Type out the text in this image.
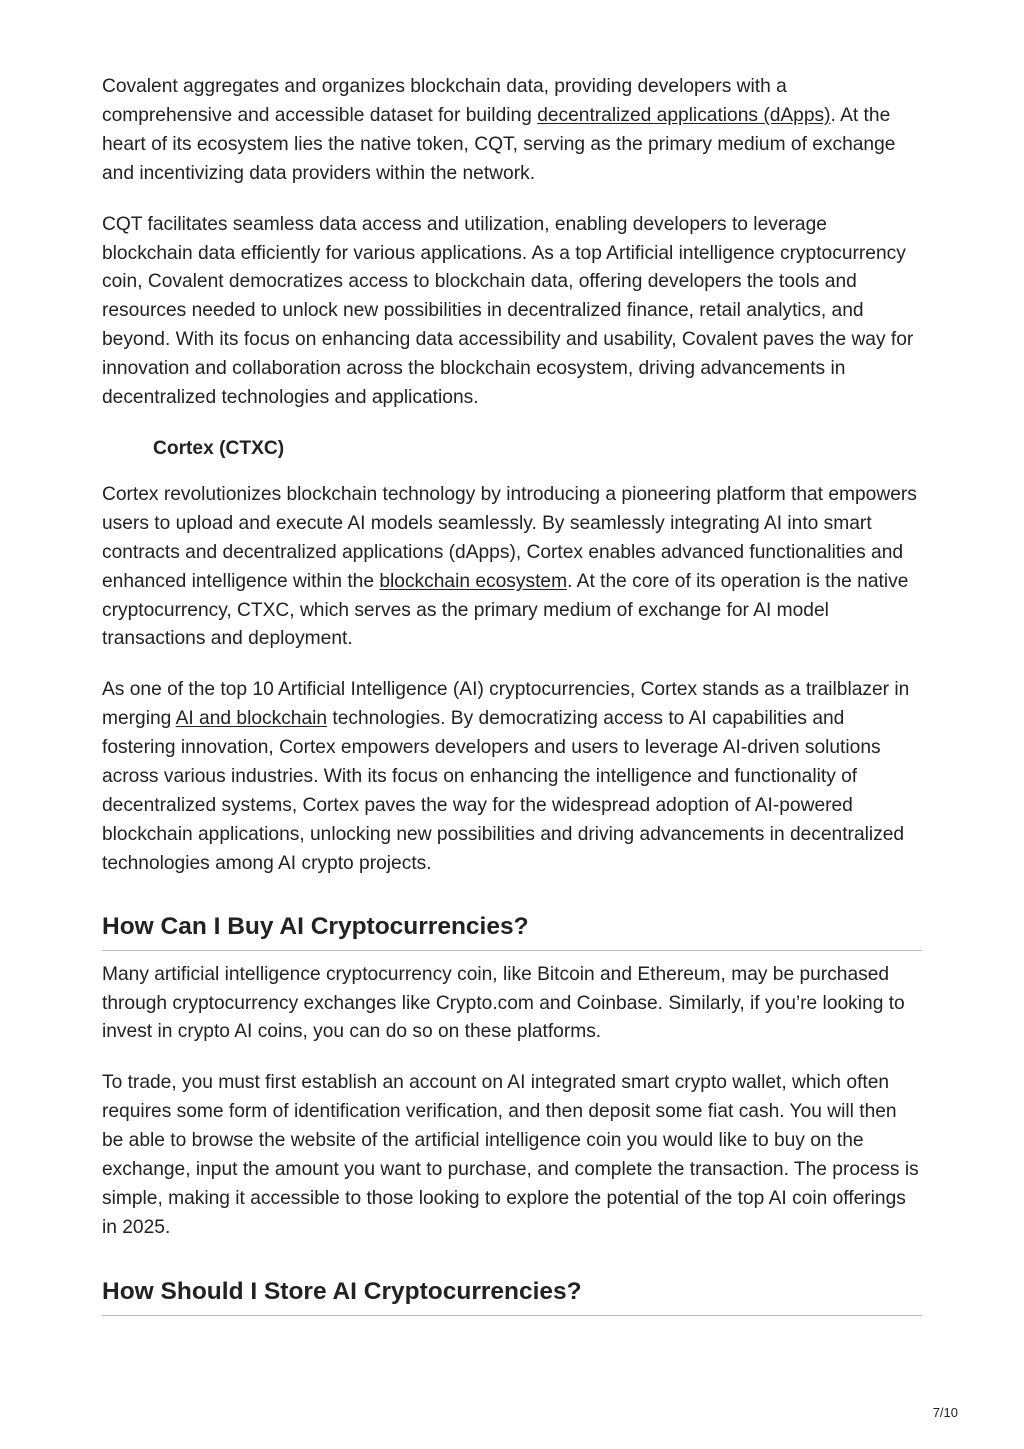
Covalent aggregates and organizes blockchain data, providing developers with a comprehensive and accessible dataset for building decentralized applications (dApps). At the heart of its ecosystem lies the native token, CQT, serving as the primary medium of exchange and incentivizing data providers within the network.

CQT facilitates seamless data access and utilization, enabling developers to leverage blockchain data efficiently for various applications. As a top Artificial intelligence cryptocurrency coin, Covalent democratizes access to blockchain data, offering developers the tools and resources needed to unlock new possibilities in decentralized finance, retail analytics, and beyond. With its focus on enhancing data accessibility and usability, Covalent paves the way for innovation and collaboration across the blockchain ecosystem, driving advancements in decentralized technologies and applications.

Cortex (CTXC)

Cortex revolutionizes blockchain technology by introducing a pioneering platform that empowers users to upload and execute AI models seamlessly. By seamlessly integrating AI into smart contracts and decentralized applications (dApps), Cortex enables advanced functionalities and enhanced intelligence within the blockchain ecosystem. At the core of its operation is the native cryptocurrency, CTXC, which serves as the primary medium of exchange for AI model transactions and deployment.

As one of the top 10 Artificial Intelligence (AI) cryptocurrencies, Cortex stands as a trailblazer in merging AI and blockchain technologies. By democratizing access to AI capabilities and fostering innovation, Cortex empowers developers and users to leverage AI-driven solutions across various industries. With its focus on enhancing the intelligence and functionality of decentralized systems, Cortex paves the way for the widespread adoption of AI-powered blockchain applications, unlocking new possibilities and driving advancements in decentralized technologies among AI crypto projects.

How Can I Buy AI Cryptocurrencies?

Many artificial intelligence cryptocurrency coin, like Bitcoin and Ethereum, may be purchased through cryptocurrency exchanges like Crypto.com and Coinbase. Similarly, if you’re looking to invest in crypto AI coins, you can do so on these platforms.

To trade, you must first establish an account on AI integrated smart crypto wallet, which often requires some form of identification verification, and then deposit some fiat cash. You will then be able to browse the website of the artificial intelligence coin you would like to buy on the exchange, input the amount you want to purchase, and complete the transaction. The process is simple, making it accessible to those looking to explore the potential of the top AI coin offerings in 2025.

How Should I Store AI Cryptocurrencies?
7/10
